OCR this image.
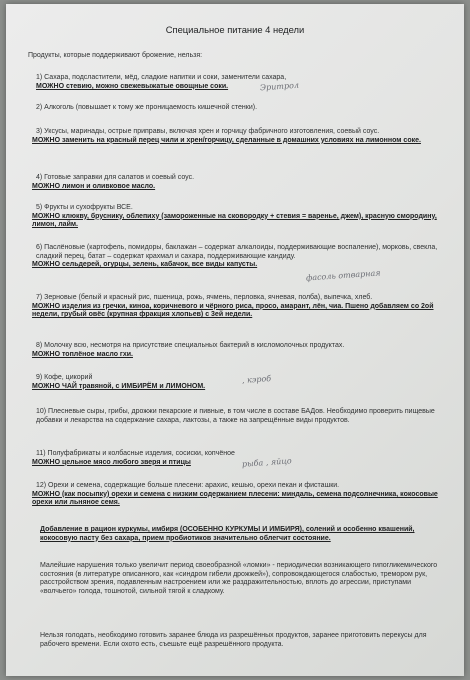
Специальное питание 4 недели
Продукты, которые поддерживают брожение, нельзя:
1) Сахара, подсластители, мёд, сладкие напитки и соки, заменители сахара,
МОЖНО стевию, можно свежевыжатые овощные соки.
2) Алкоголь (повышает к тому же проницаемость кишечной стенки).
3) Уксусы, маринады, острые приправы, включая хрен и горчицу фабричного изготовления, соевый соус.
МОЖНО заменить на красный перец чили и хрен/горчицу, сделанные в домашних условиях на лимонном соке.
4) Готовые заправки для салатов и соевый соус.
МОЖНО лимон и оливковое масло.
5) Фрукты и сухофрукты ВСЕ.
МОЖНО клюкву, бруснику, облепиху (замороженные на сковородку + стевия = варенье, джем), красную смородину, лимон, лайм.
6) Паслёновые (картофель, помидоры, баклажан – содержат алкалоиды, поддерживающие воспаление), морковь, свекла, сладкий перец, батат – содержат крахмал и сахара, поддерживающие кандиду.
МОЖНО сельдерей, огурцы, зелень, кабачок, все виды капусты.
7) Зерновые (белый и красный рис, пшеница, рожь, ячмень, перловка, ячневая, полба), выпечка, хлеб.
МОЖНО изделия из гречки, киноа, коричневого и чёрного риса, просо, амарант, лён, чиа. Пшено добавляем со 2ой недели, грубый овёс (крупная фракция хлопьев) с 3ей недели.
8) Молочку всю, несмотря на присутствие специальных бактерий в кисломолочных продуктах.
МОЖНО топлёное масло гхи.
9) Кофе, цикорий
МОЖНО ЧАЙ травяной, с ИМБИРЁМ и ЛИМОНОМ.
10) Плесневые сыры, грибы, дрожжи пекарские и пивные, в том числе в составе БАДов. Необходимо проверить пищевые добавки и лекарства на содержание сахара, лактозы, а также на запрещённые виды продуктов.
11) Полуфабрикаты и колбасные изделия, сосиски, копчёное
МОЖНО цельное мясо любого зверя и птицы
12) Орехи и семена, содержащие больше плесени: арахис, кешью, орехи пекан и фисташки.
МОЖНО (как посыпку) орехи и семена с низким содержанием плесени: миндаль, семена подсолнечника, кокосовые орехи или льняное семя.
Эритрол
фасоль отварная
, кэроб
рыба , яйцо
Добавление в рацион куркумы, имбиря (ОСОБЕННО КУРКУМЫ И ИМБИРЯ), солений и особенно квашений, кокосовую пасту без сахара, прием пробиотиков значительно облегчит состояние.
Малейшие нарушения только увеличит период своеобразной «ломки» - периодически возникающего гипогликемического состояния (в литературе описанного, как «синдром гибели дрожжей»), сопровождающегося слабостью, тремором рук, расстройством зрения, подавленным настроением или же раздражительностью, вплоть до агрессии, приступами «волчьего» голода, тошнотой, сильной тягой к сладкому.
Нельзя голодать, необходимо готовить заранее блюда из разрешённых продуктов, заранее приготовить перекусы для рабочего времени. Если охото есть, съешьте ещё разрешённого продукта.
